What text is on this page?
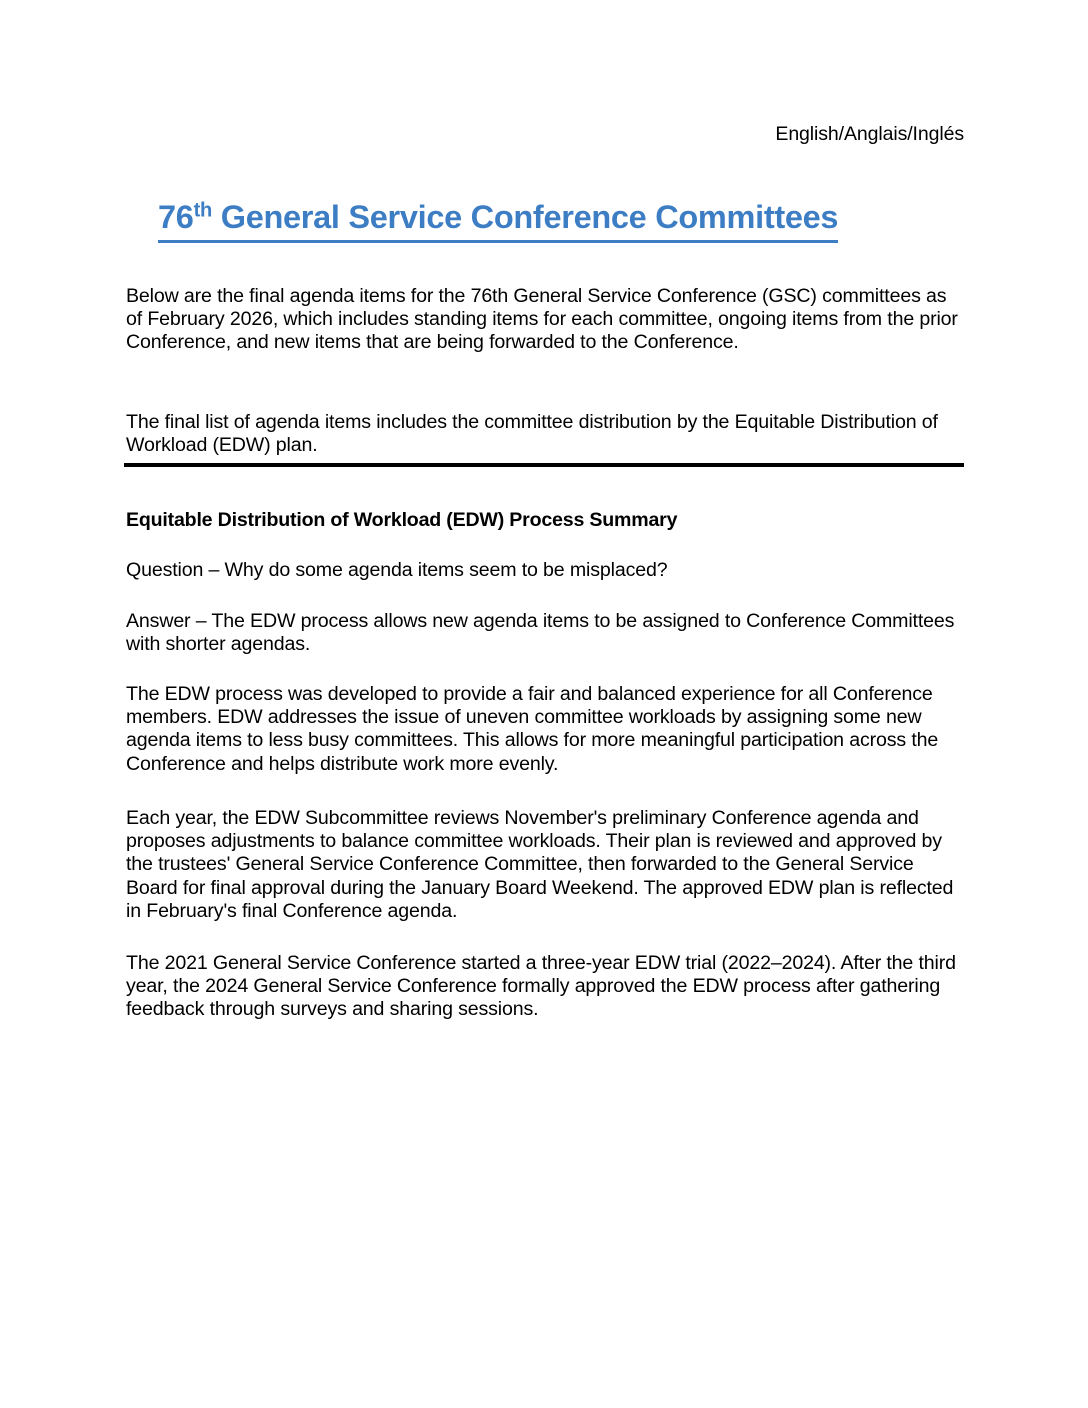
English/Anglais/Inglés
76th General Service Conference Committees

Below are the final agenda items for the 76th General Service Conference (GSC) committees as of February 2026, which includes standing items for each committee, ongoing items from the prior Conference, and new items that are being forwarded to the Conference.

The final list of agenda items includes the committee distribution by the Equitable Distribution of Workload (EDW) plan.

Equitable Distribution of Workload (EDW) Process Summary

Question – Why do some agenda items seem to be misplaced?

Answer – The EDW process allows new agenda items to be assigned to Conference Committees with shorter agendas.

The EDW process was developed to provide a fair and balanced experience for all Conference members. EDW addresses the issue of uneven committee workloads by assigning some new agenda items to less busy committees. This allows for more meaningful participation across the Conference and helps distribute work more evenly.

Each year, the EDW Subcommittee reviews November's preliminary Conference agenda and proposes adjustments to balance committee workloads. Their plan is reviewed and approved by the trustees' General Service Conference Committee, then forwarded to the General Service Board for final approval during the January Board Weekend. The approved EDW plan is reflected in February's final Conference agenda.

The 2021 General Service Conference started a three-year EDW trial (2022–2024). After the third year, the 2024 General Service Conference formally approved the EDW process after gathering feedback through surveys and sharing sessions.
